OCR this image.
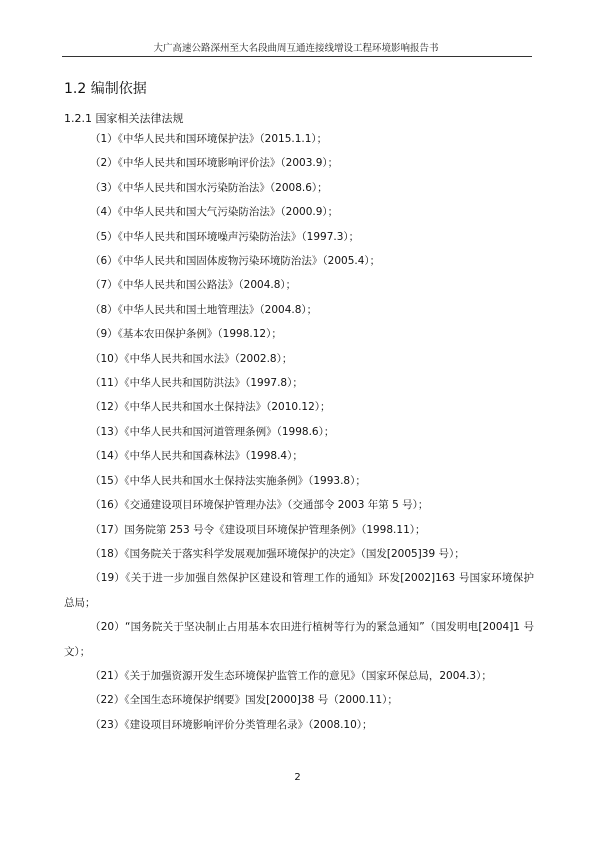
大广高速公路深州至大名段曲周互通连接线增设工程环境影响报告书
1.2 编制依据
1.2.1 国家相关法律法规
（1）《中华人民共和国环境保护法》（2015.1.1）；
（2）《中华人民共和国环境影响评价法》（2003.9）；
（3）《中华人民共和国水污染防治法》（2008.6）；
（4）《中华人民共和国大气污染防治法》（2000.9）；
（5）《中华人民共和国环境噪声污染防治法》（1997.3）；
（6）《中华人民共和国固体废物污染环境防治法》（2005.4）；
（7）《中华人民共和国公路法》（2004.8）；
（8）《中华人民共和国土地管理法》（2004.8）；
（9）《基本农田保护条例》（1998.12）；
（10）《中华人民共和国水法》（2002.8）；
（11）《中华人民共和国防洪法》（1997.8）；
（12）《中华人民共和国水土保持法》（2010.12）；
（13）《中华人民共和国河道管理条例》（1998.6）；
（14）《中华人民共和国森林法》（1998.4）；
（15）《中华人民共和国水土保持法实施条例》（1993.8）；
（16）《交通建设项目环境保护管理办法》（交通部令 2003 年第 5 号）；
（17）国务院第 253 号令《建设项目环境保护管理条例》（1998.11）；
（18）《国务院关于落实科学发展观加强环境保护的决定》（国发[2005]39 号）；
（19）《关于进一步加强自然保护区建设和管理工作的通知》环发[2002]163 号国家环境保护总局；
（20）“国务院关于坚决制止占用基本农田进行植树等行为的紧急通知”（国发明电[2004]1 号文）；
（21）《关于加强资源开发生态环境保护监管工作的意见》（国家环保总局，2004.3）；
（22）《全国生态环境保护纲要》国发[2000]38 号（2000.11）；
（23）《建设项目环境影响评价分类管理名录》（2008.10）；
2
